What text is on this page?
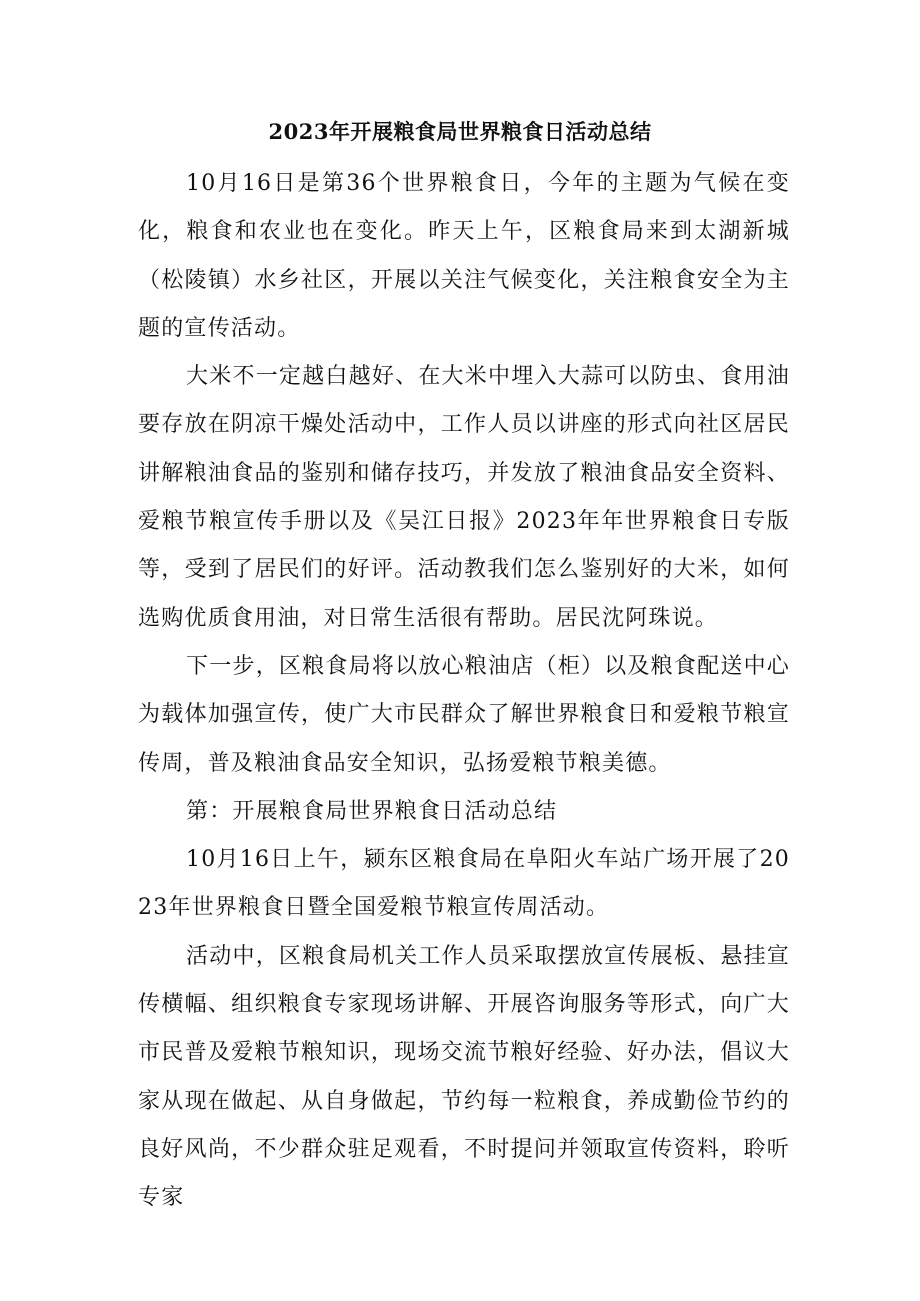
2023年开展粮食局世界粮食日活动总结

10月16日是第36个世界粮食日，今年的主题为气候在变化，粮食和农业也在变化。昨天上午，区粮食局来到太湖新城（松陵镇）水乡社区，开展以关注气候变化，关注粮食安全为主题的宣传活动。

大米不一定越白越好、在大米中埋入大蒜可以防虫、食用油要存放在阴凉干燥处活动中，工作人员以讲座的形式向社区居民讲解粮油食品的鉴别和储存技巧，并发放了粮油食品安全资料、爱粮节粮宣传手册以及《吴江日报》2023年年世界粮食日专版等，受到了居民们的好评。活动教我们怎么鉴别好的大米，如何选购优质食用油，对日常生活很有帮助。居民沈阿珠说。

下一步，区粮食局将以放心粮油店（柜）以及粮食配送中心为载体加强宣传，使广大市民群众了解世界粮食日和爱粮节粮宣传周，普及粮油食品安全知识，弘扬爱粮节粮美德。

第：开展粮食局世界粮食日活动总结

10月16日上午，颍东区粮食局在阜阳火车站广场开展了2023年世界粮食日暨全国爱粮节粮宣传周活动。

活动中，区粮食局机关工作人员采取摆放宣传展板、悬挂宣传横幅、组织粮食专家现场讲解、开展咨询服务等形式，向广大市民普及爱粮节粮知识，现场交流节粮好经验、好办法，倡议大家从现在做起、从自身做起，节约每一粒粮食，养成勤俭节约的良好风尚，不少群众驻足观看，不时提问并领取宣传资料，聆听专家
